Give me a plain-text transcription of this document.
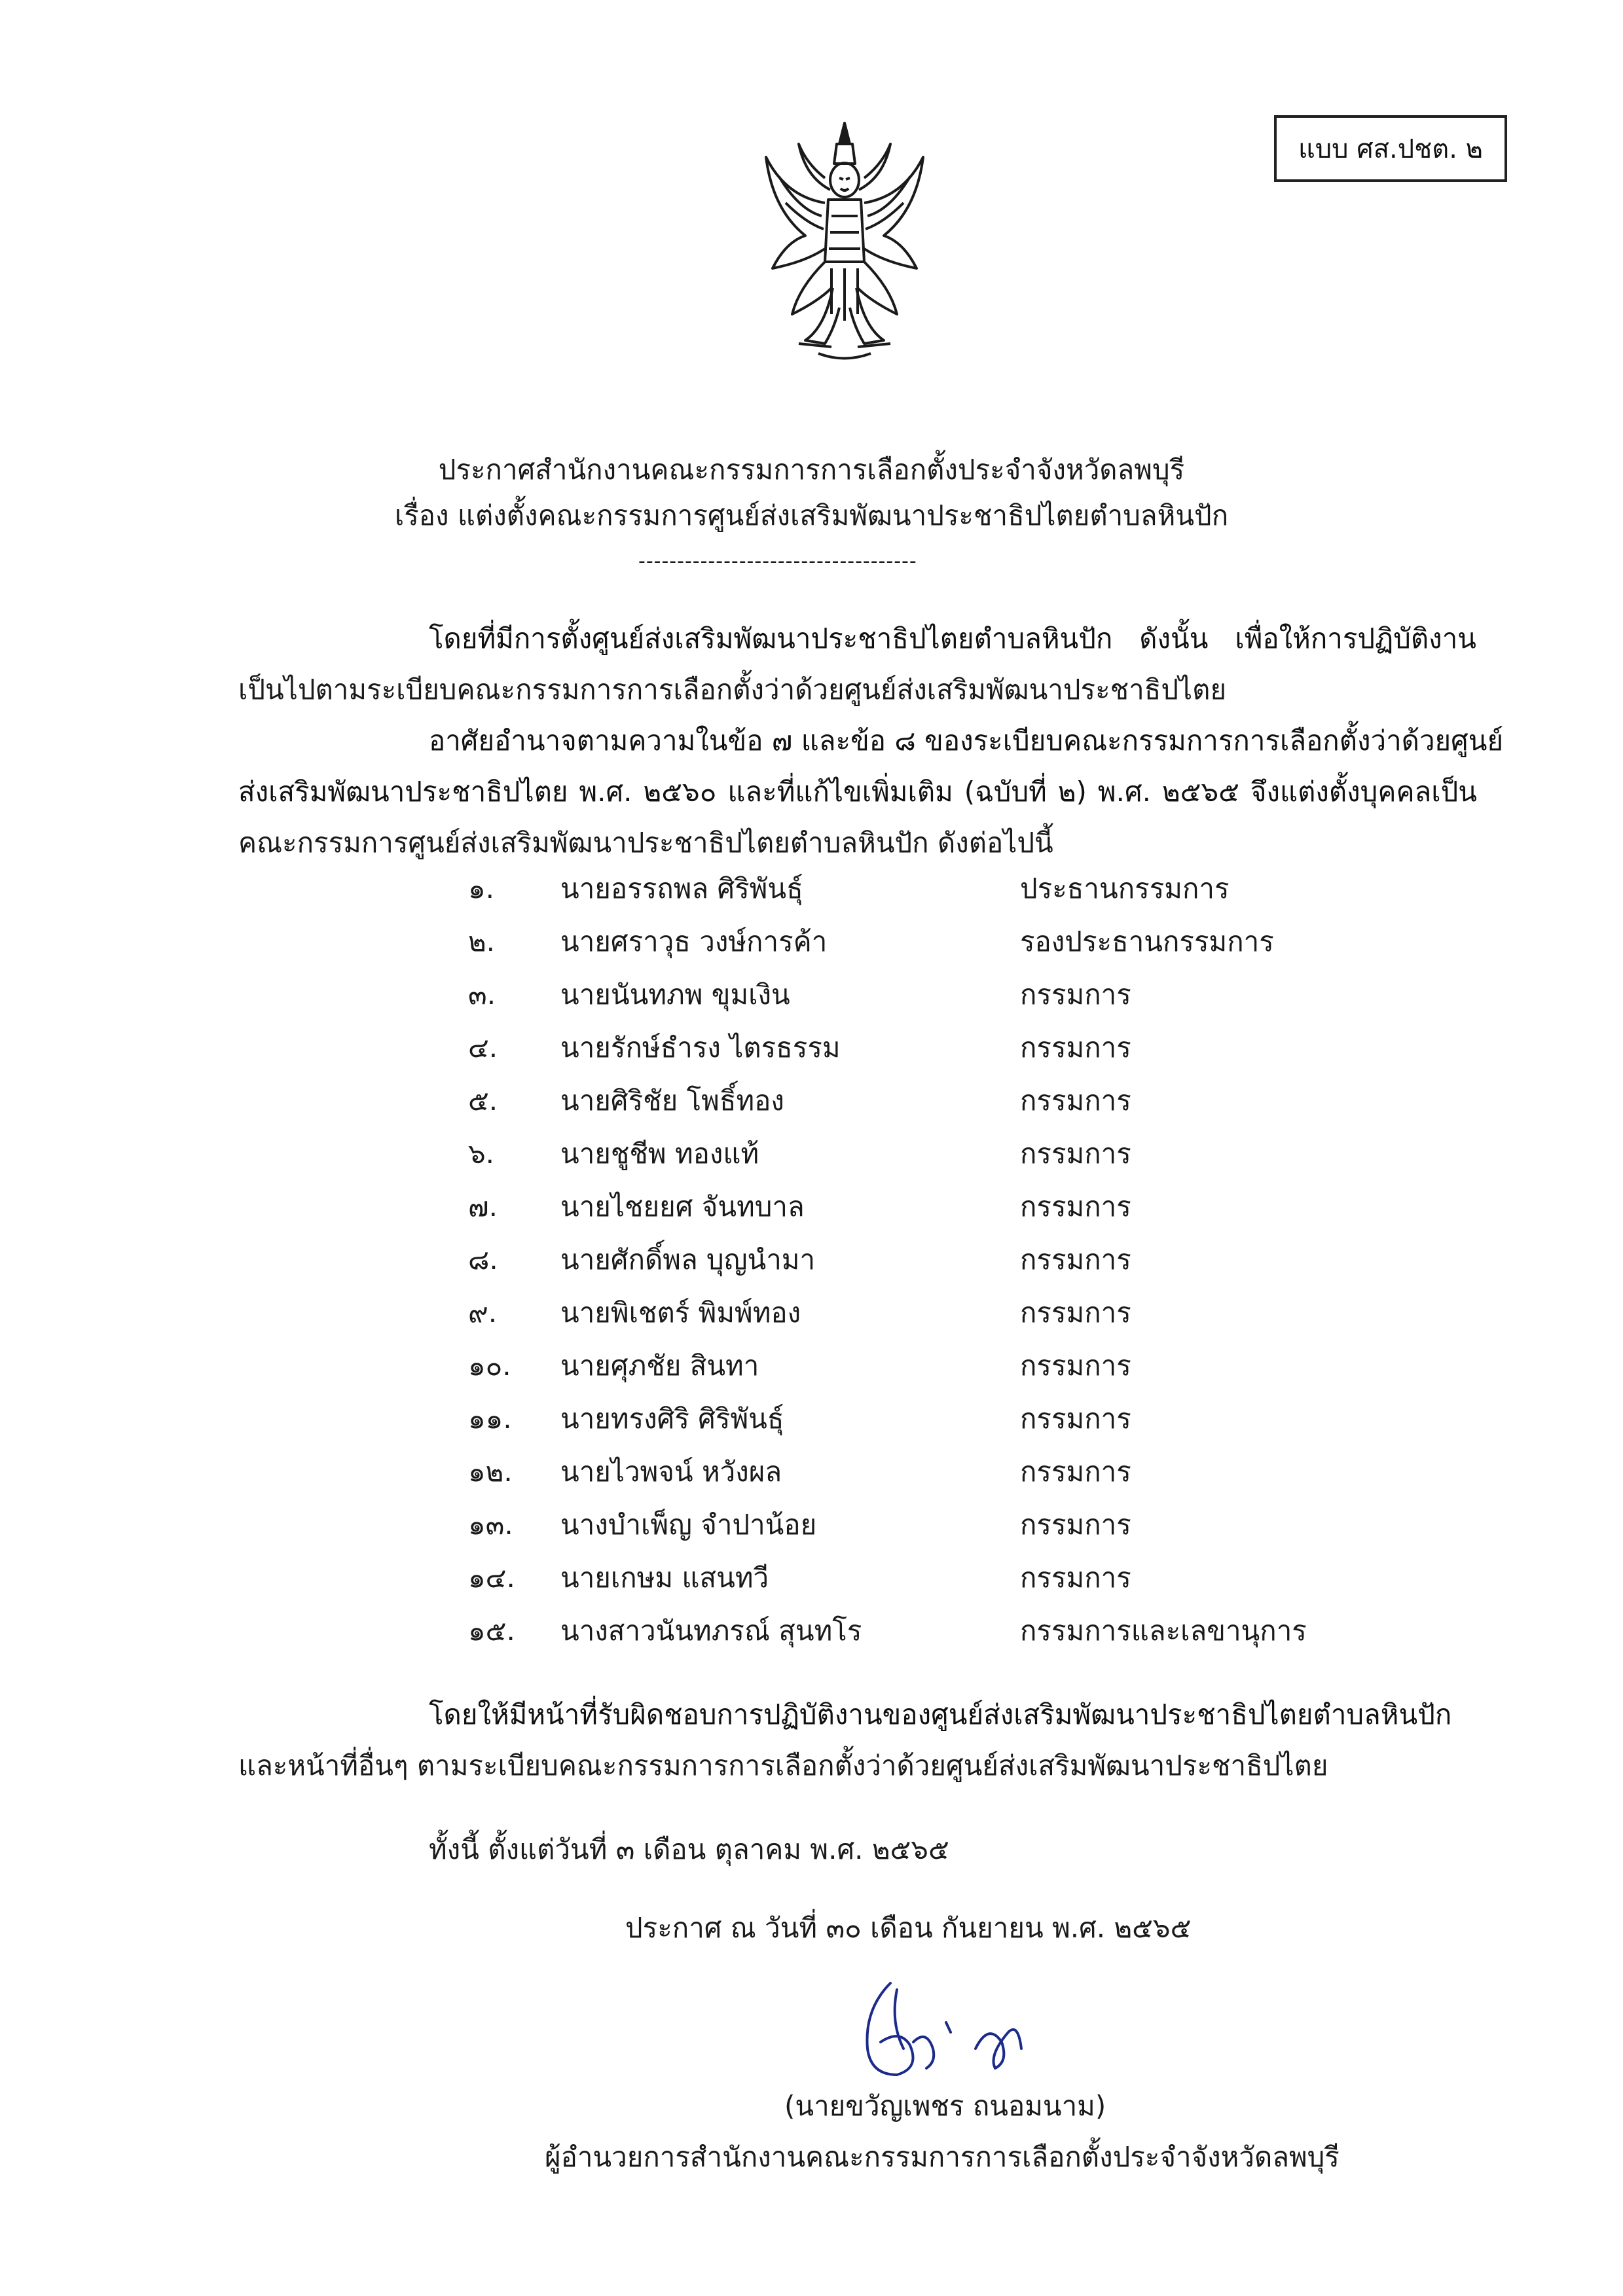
แบบ ศส.ปชต. ๒
ประกาศสำนักงานคณะกรรมการการเลือกตั้งประจำจังหวัดลพบุรี
เรื่อง แต่งตั้งคณะกรรมการศูนย์ส่งเสริมพัฒนาประชาธิปไตยตำบลหินปัก
------------------------------------
โดยที่มีการตั้งศูนย์ส่งเสริมพัฒนาประชาธิปไตยตำบลหินปัก ดังนั้น เพื่อให้การปฏิบัติงาน
เป็นไปตามระเบียบคณะกรรมการการเลือกตั้งว่าด้วยศูนย์ส่งเสริมพัฒนาประชาธิปไตย
อาศัยอำนาจตามความในข้อ ๗ และข้อ ๘ ของระเบียบคณะกรรมการการเลือกตั้งว่าด้วยศูนย์
ส่งเสริมพัฒนาประชาธิปไตย พ.ศ. ๒๕๖๐ และที่แก้ไขเพิ่มเติม (ฉบับที่ ๒) พ.ศ. ๒๕๖๕ จึงแต่งตั้งบุคคลเป็น
คณะกรรมการศูนย์ส่งเสริมพัฒนาประชาธิปไตยตำบลหินปัก ดังต่อไปนี้
๑.	นายอรรถพล ศิริพันธุ์	ประธานกรรมการ
๒.	นายศราวุธ วงษ์การค้า	รองประธานกรรมการ
๓.	นายนันทภพ ขุมเงิน	กรรมการ
๔.	นายรักษ์ธำรง ไตรธรรม	กรรมการ
๕.	นายศิริชัย โพธิ์ทอง	กรรมการ
๖.	นายชูชีพ ทองแท้	กรรมการ
๗.	นายไชยยศ จันทบาล	กรรมการ
๘.	นายศักดิ์พล บุญนำมา	กรรมการ
๙.	นายพิเชตร์ พิมพ์ทอง	กรรมการ
๑๐.	นายศุภชัย สินทา	กรรมการ
๑๑.	นายทรงศิริ ศิริพันธุ์	กรรมการ
๑๒.	นายไวพจน์ หวังผล	กรรมการ
๑๓.	นางบำเพ็ญ จำปาน้อย	กรรมการ
๑๔.	นายเกษม แสนทวี	กรรมการ
๑๕.	นางสาวนันทภรณ์ สุนทโร	กรรมการและเลขานุการ
โดยให้มีหน้าที่รับผิดชอบการปฏิบัติงานของศูนย์ส่งเสริมพัฒนาประชาธิปไตยตำบลหินปัก
และหน้าที่อื่นๆ ตามระเบียบคณะกรรมการการเลือกตั้งว่าด้วยศูนย์ส่งเสริมพัฒนาประชาธิปไตย
ทั้งนี้ ตั้งแต่วันที่ ๓ เดือน ตุลาคม พ.ศ. ๒๕๖๕
ประกาศ ณ วันที่ ๓๐ เดือน กันยายน พ.ศ. ๒๕๖๕
(นายขวัญเพชร ถนอมนาม)
ผู้อำนวยการสำนักงานคณะกรรมการการเลือกตั้งประจำจังหวัดลพบุรี
